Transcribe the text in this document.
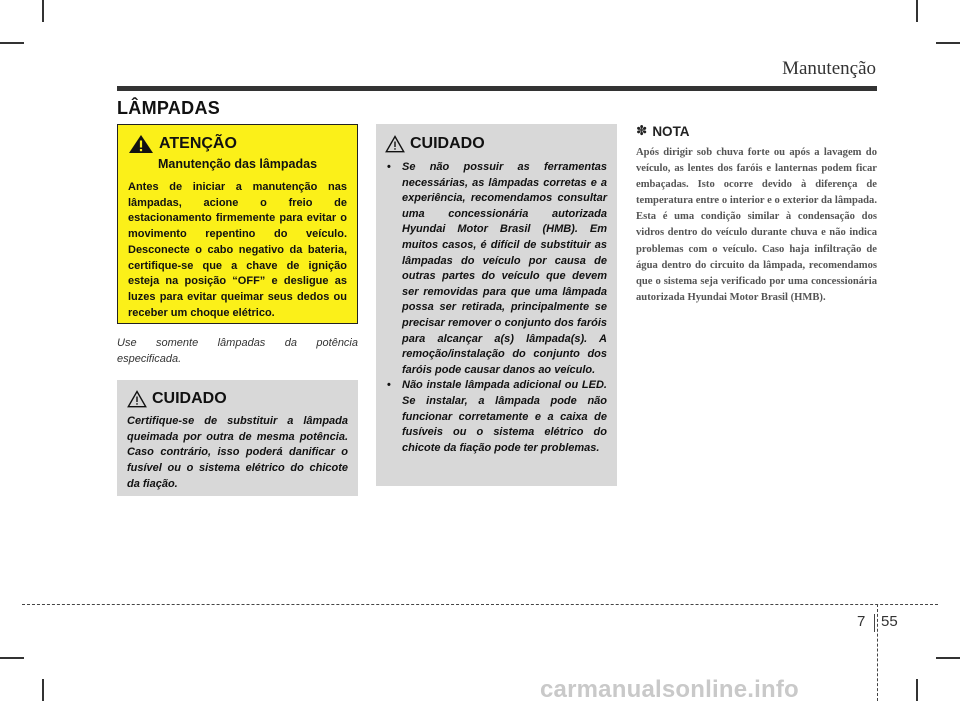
Manutenção
LÂMPADAS
ATENÇÃO
Manutenção das lâmpadas
Antes de iniciar a manutenção nas lâmpadas, acione o freio de estacionamento firmemente para evitar o movimento repentino do veículo. Desconecte o cabo negativo da bateria, certifique-se que a chave de ignição esteja na posição “OFF” e desligue as luzes para evitar queimar seus dedos ou receber um choque elétrico.
Use somente lâmpadas da potência especificada.
CUIDADO
Certifique-se de substituir a lâmpada queimada por outra de mesma potência. Caso contrário, isso poderá danificar o fusível ou o sistema elétrico do chicote da fiação.
CUIDADO
• Se não possuir as ferramentas necessárias, as lâmpadas corretas e a experiência, recomendamos consultar uma concessionária autorizada Hyundai Motor Brasil (HMB). Em muitos casos, é difícil de substituir as lâmpadas do veículo por causa de outras partes do veículo que devem ser removidas para que uma lâmpada possa ser retirada, principalmente se precisar remover o conjunto dos faróis para alcançar a(s) lâmpada(s). A remoção/instalação do conjunto dos faróis pode causar danos ao veículo.
• Não instale lâmpada adicional ou LED. Se instalar, a lâmpada pode não funcionar corretamente e a caixa de fusíveis ou o sistema elétrico do chicote da fiação pode ter problemas.
✽ NOTA
Após dirigir sob chuva forte ou após a lavagem do veículo, as lentes dos faróis e lanternas podem ficar embaçadas. Isto ocorre devido à diferença de temperatura entre o interior e o exterior da lâmpada. Esta é uma condição similar à condensação dos vidros dentro do veículo durante chuva e não indica problemas com o veículo. Caso haja infiltração de água dentro do circuito da lâmpada, recomendamos que o sistema seja verificado por uma concessionária autorizada Hyundai Motor Brasil (HMB).
7 55
carmanualsonline.info
